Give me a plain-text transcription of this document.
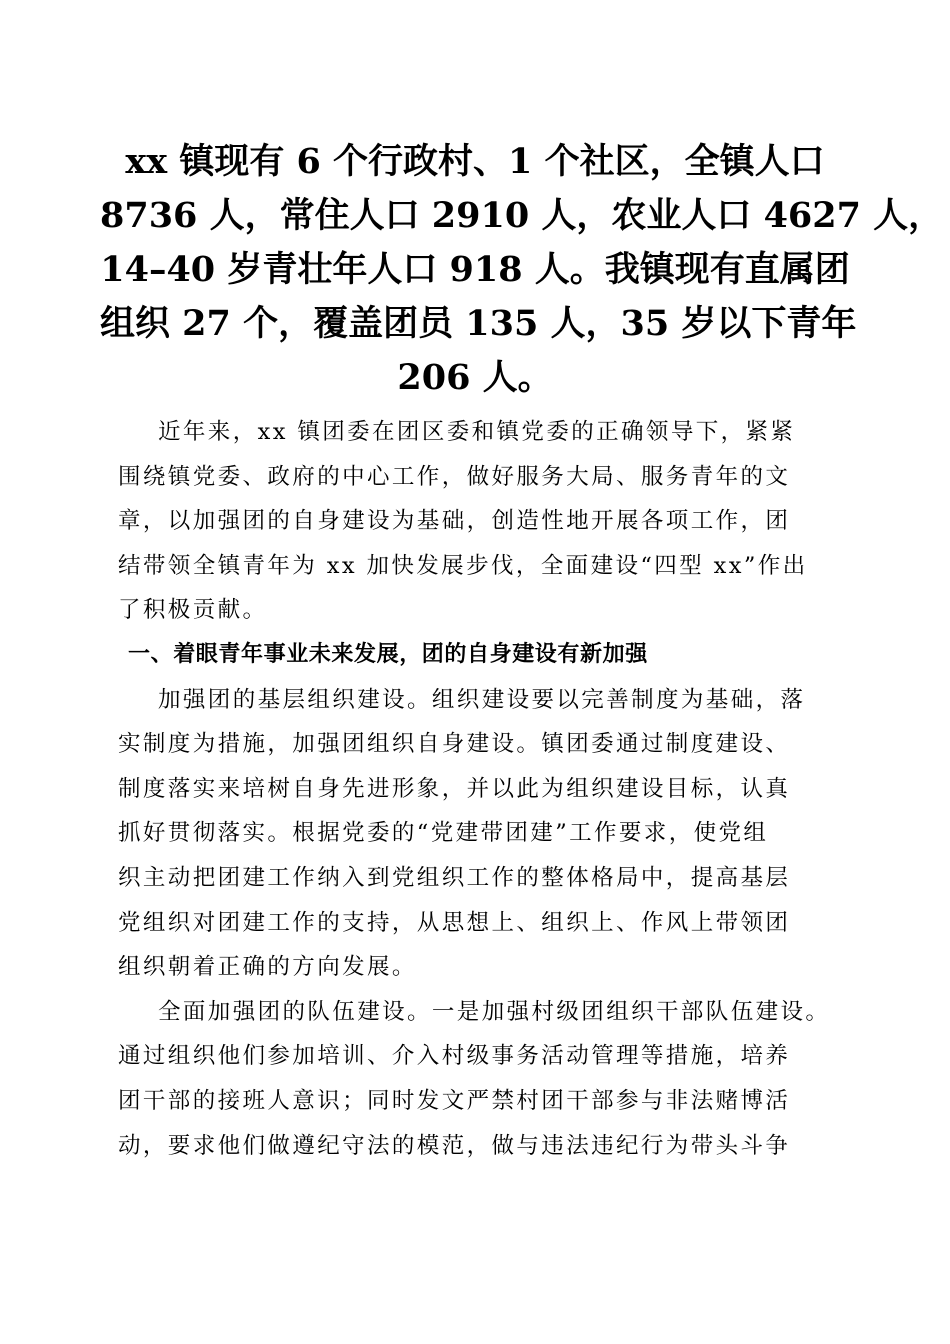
xx 镇现有 6 个行政村、1 个社区，全镇人口
8736 人，常住人口 2910 人，农业人口 4627 人，
14–40 岁青壮年人口 918 人。我镇现有直属团
组织 27 个，覆盖团员 135 人，35 岁以下青年
206 人。
近年来，xx 镇团委在团区委和镇党委的正确领导下，紧紧
围绕镇党委、政府的中心工作，做好服务大局、服务青年的文
章，以加强团的自身建设为基础，创造性地开展各项工作，团
结带领全镇青年为 xx 加快发展步伐，全面建设“四型 xx”作出
了积极贡献。
一、着眼青年事业未来发展，团的自身建设有新加强
加强团的基层组织建设。组织建设要以完善制度为基础，落
实制度为措施，加强团组织自身建设。镇团委通过制度建设、
制度落实来培树自身先进形象，并以此为组织建设目标，认真
抓好贯彻落实。根据党委的“党建带团建”工作要求，使党组
织主动把团建工作纳入到党组织工作的整体格局中，提高基层
党组织对团建工作的支持，从思想上、组织上、作风上带领团
组织朝着正确的方向发展。
全面加强团的队伍建设。一是加强村级团组织干部队伍建设。
通过组织他们参加培训、介入村级事务活动管理等措施，培养
团干部的接班人意识；同时发文严禁村团干部参与非法赌博活
动，要求他们做遵纪守法的模范，做与违法违纪行为带头斗争
